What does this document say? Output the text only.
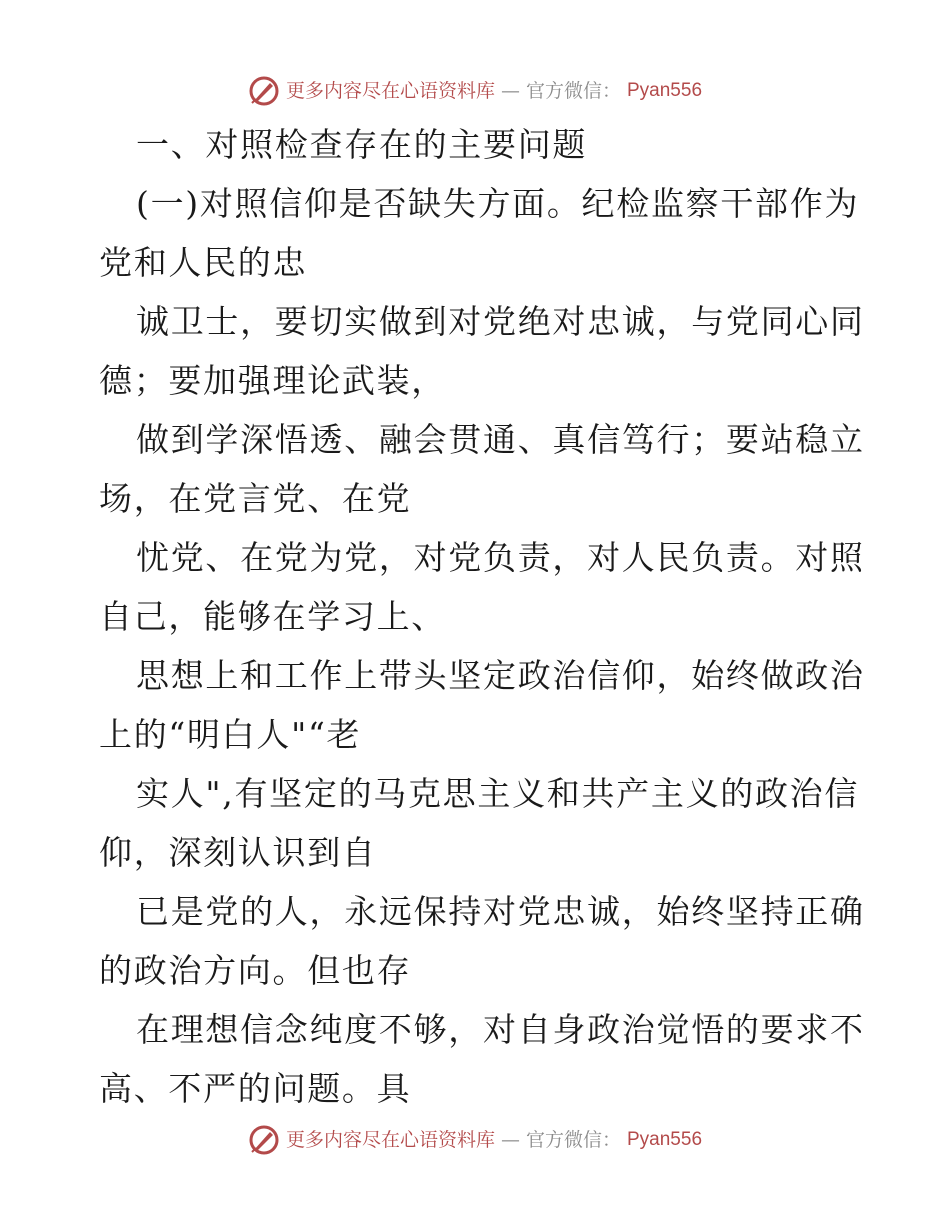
更多内容尽在心语资料库 — 官方微信： Pyan556
一、对照检查存在的主要问题
(一)对照信仰是否缺失方面。纪检监察干部作为
党和人民的忠
诚卫士，要切实做到对党绝对忠诚，与党同心同
德；要加强理论武装，
做到学深悟透、融会贯通、真信笃行；要站稳立
场，在党言党、在党
忧党、在党为党，对党负责，对人民负责。对照
自己，能够在学习上、
思想上和工作上带头坚定政治信仰，始终做政治
上的“明白人"“老
实人",有坚定的马克思主义和共产主义的政治信
仰，深刻认识到自
已是党的人，永远保持对党忠诚，始终坚持正确
的政治方向。但也存
在理想信念纯度不够，对自身政治觉悟的要求不
高、不严的问题。具
更多内容尽在心语资料库 — 官方微信： Pyan556
